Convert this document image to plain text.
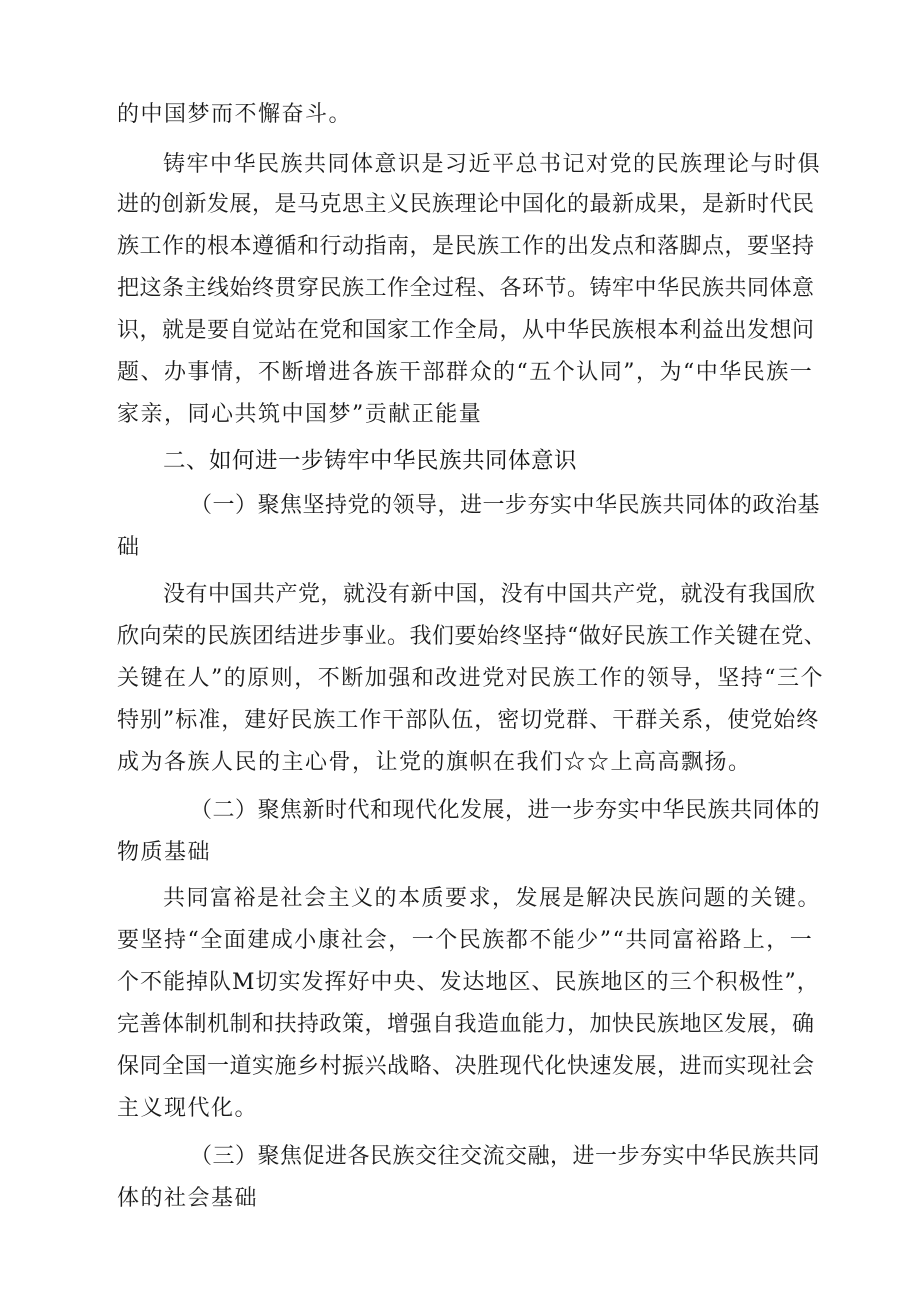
的中国梦而不懈奋斗。

铸牢中华民族共同体意识是习近平总书记对党的民族理论与时俱

进的创新发展，是马克思主义民族理论中国化的最新成果，是新时代民

族工作的根本遵循和行动指南，是民族工作的出发点和落脚点，要坚持

把这条主线始终贯穿民族工作全过程、各环节。铸牢中华民族共同体意

识，就是要自觉站在党和国家工作全局，从中华民族根本利益出发想问

题、办事情，不断增进各族干部群众的“五个认同”，为“中华民族一

家亲，同心共筑中国梦”贡献正能量

二、如何进一步铸牢中华民族共同体意识

（一）聚焦坚持党的领导，进一步夯实中华民族共同体的政治基

础

没有中国共产党，就没有新中国，没有中国共产党，就没有我国欣

欣向荣的民族团结进步事业。我们要始终坚持“做好民族工作关键在党、

关键在人”的原则，不断加强和改进党对民族工作的领导，坚持“三个

特别”标准，建好民族工作干部队伍，密切党群、干群关系，使党始终

成为各族人民的主心骨，让党的旗帜在我们☆☆上高高飘扬。

（二）聚焦新时代和现代化发展，进一步夯实中华民族共同体的

物质基础

共同富裕是社会主义的本质要求，发展是解决民族问题的关键。

要坚持“全面建成小康社会，一个民族都不能少”“共同富裕路上，一

个不能掉队M切实发挥好中央、发达地区、民族地区的三个积极性”，

完善体制机制和扶持政策，增强自我造血能力，加快民族地区发展，确

保同全国一道实施乡村振兴战略、决胜现代化快速发展，进而实现社会

主义现代化。

（三）聚焦促进各民族交往交流交融，进一步夯实中华民族共同

体的社会基础
